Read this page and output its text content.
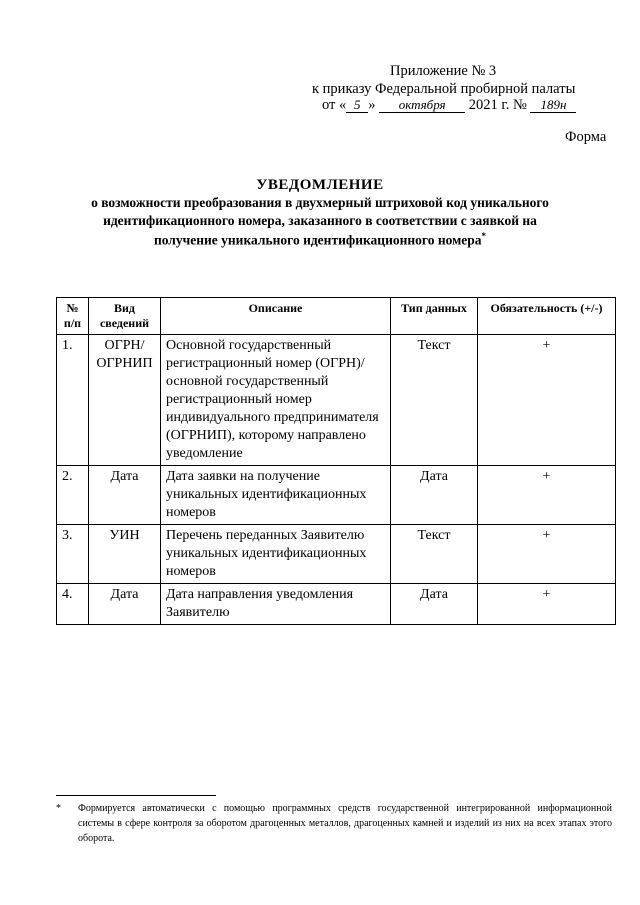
Приложение № 3
к приказу Федеральной пробирной палаты
от « 5 » октября 2021 г. № 189н
Форма
УВЕДОМЛЕНИЕ
о возможности преобразования в двухмерный штриховой код уникального
идентификационного номера, заказанного в соответствии с заявкой на
получение уникального идентификационного номера*
№ п/п	Вид сведений	Описание	Тип данных	Обязательность (+/-)
1.	ОГРН/ ОГРНИП	Основной государственный регистрационный номер (ОГРН)/ основной государственный регистрационный номер индивидуального предпринимателя (ОГРНИП), которому направлено уведомление	Текст	+
2.	Дата	Дата заявки на получение уникальных идентификационных номеров	Дата	+
3.	УИН	Перечень переданных Заявителю уникальных идентификационных номеров	Текст	+
4.	Дата	Дата направления уведомления Заявителю	Дата	+
* Формируется автоматически с помощью программных средств государственной интегрированной информационной системы в сфере контроля за оборотом драгоценных металлов, драгоценных камней и изделий из них на всех этапах этого оборота.
